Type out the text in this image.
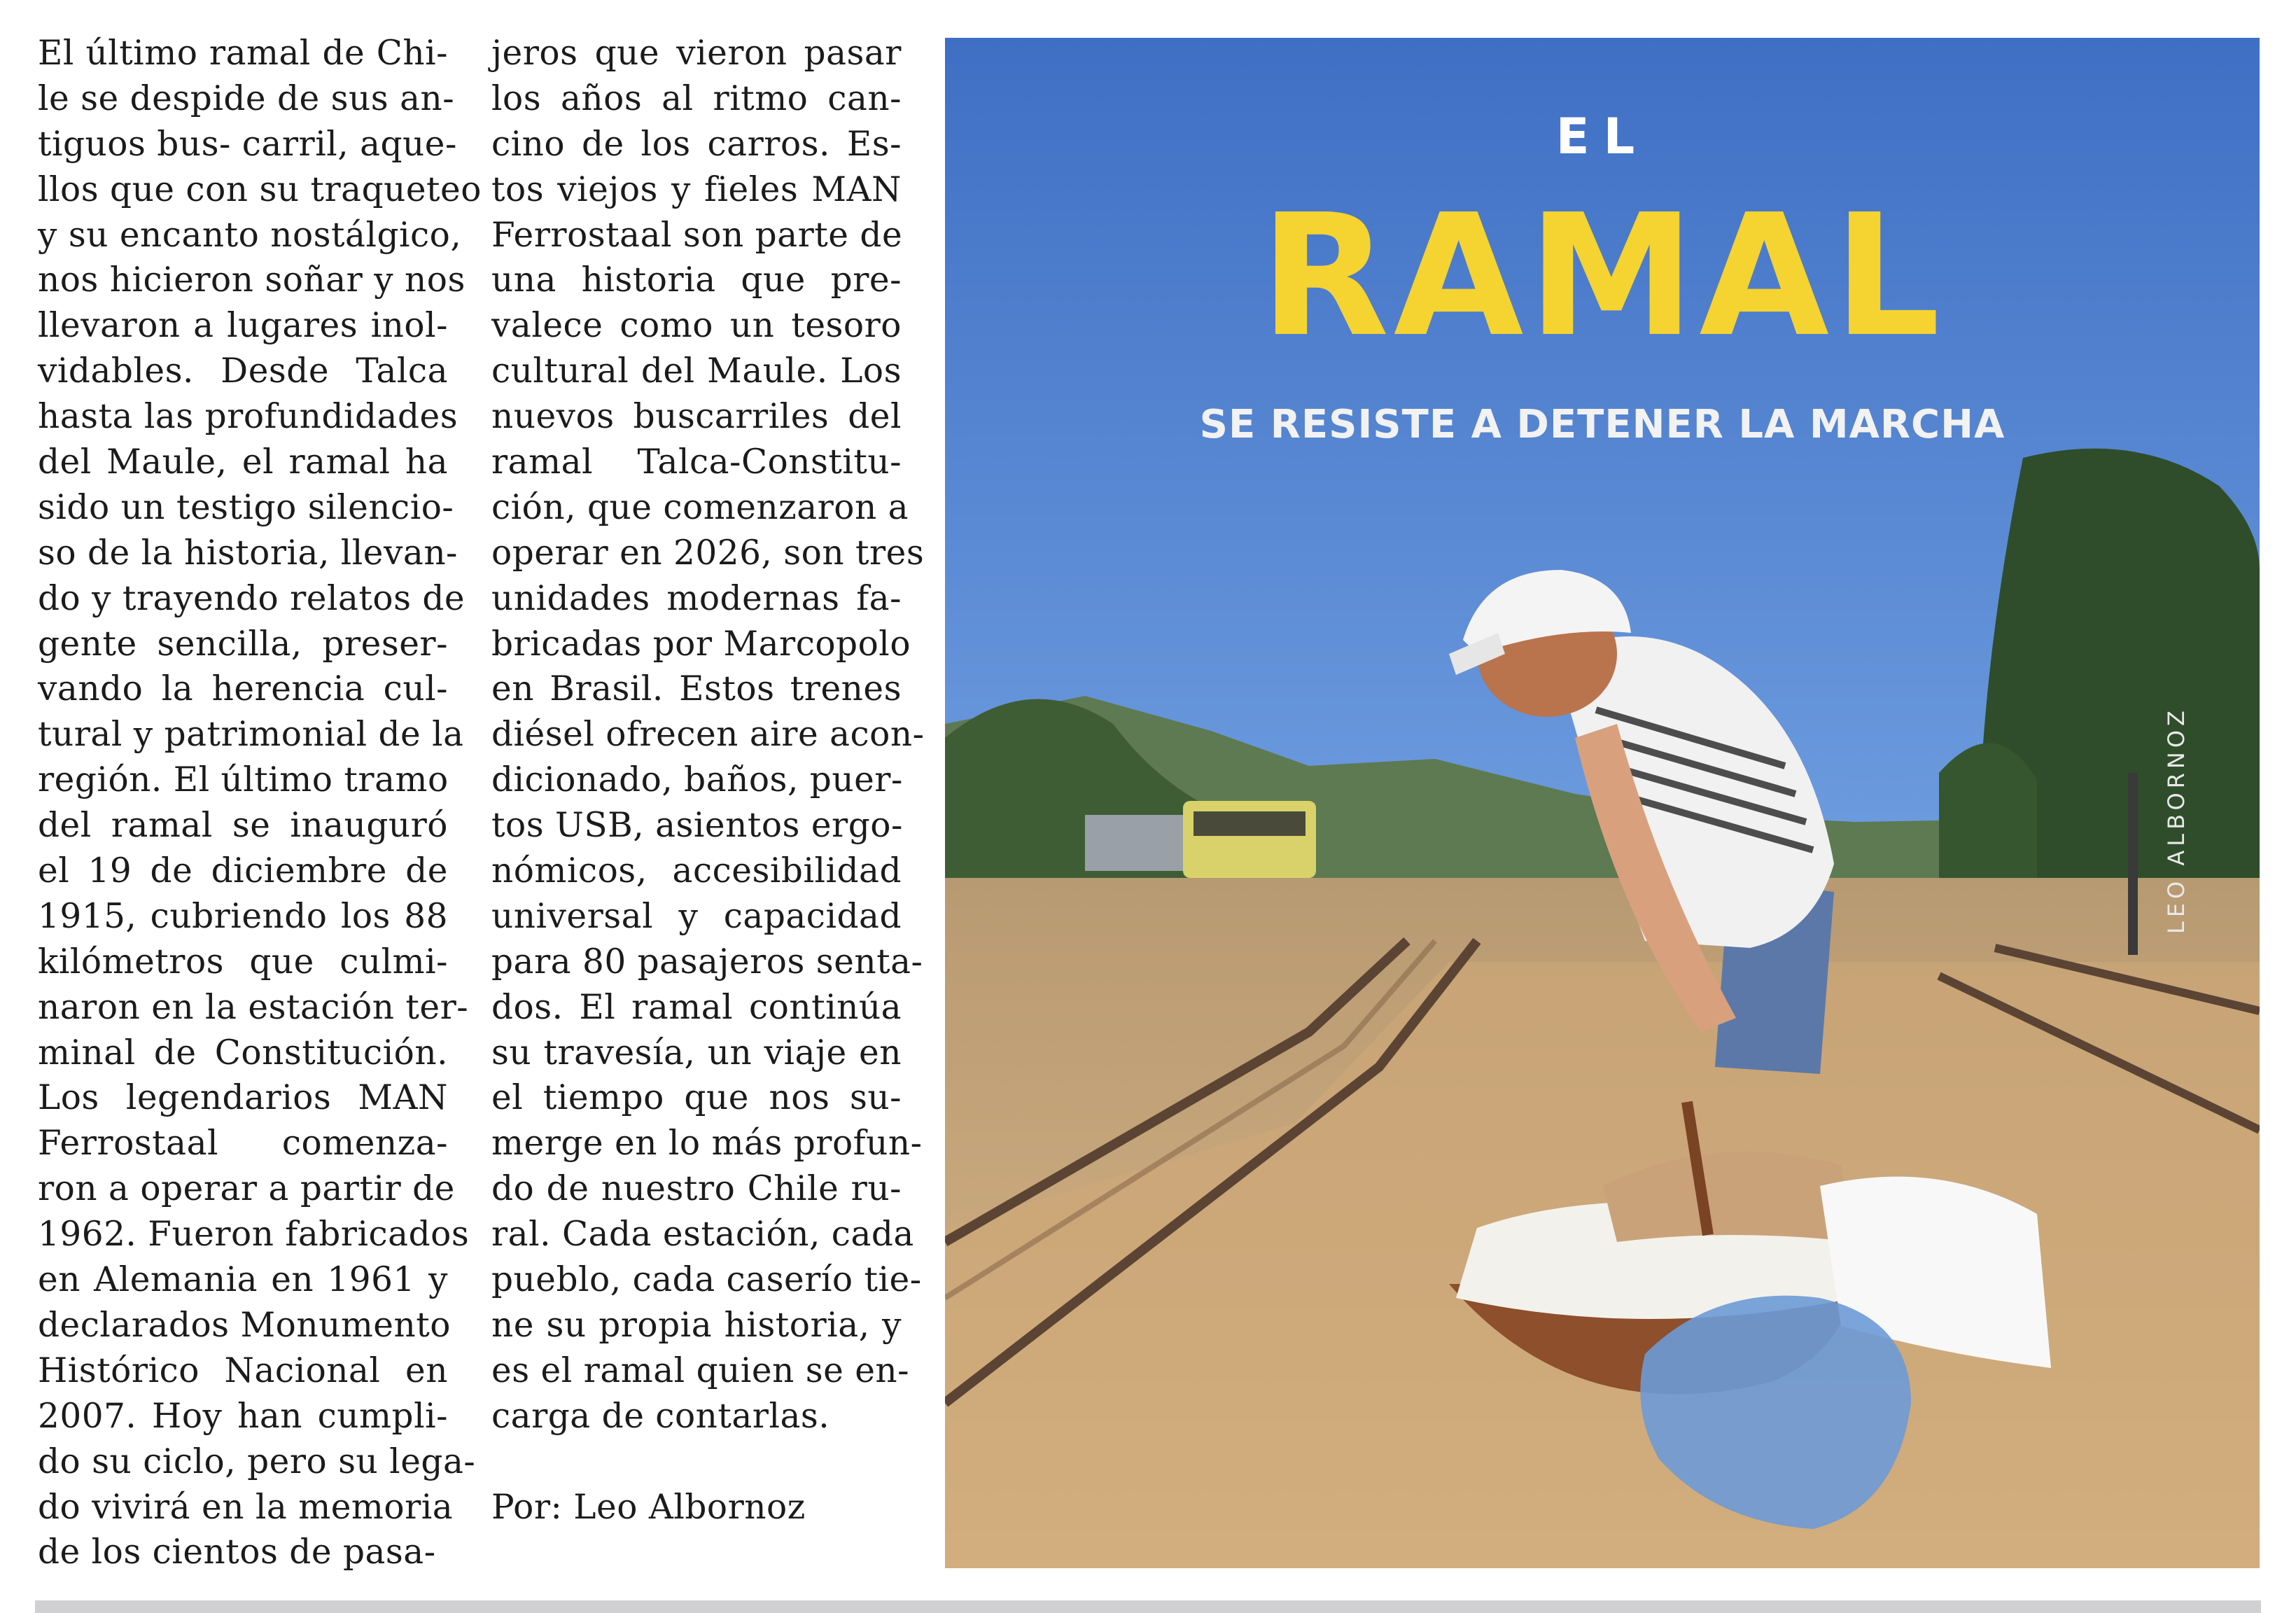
El último ramal de Chi-
le se despide de sus an-
tiguos bus- carril, aque-
llos que con su traqueteo
y su encanto nostálgico,
nos hicieron soñar y nos
llevaron a lugares inol-
vidables. Desde Talca
hasta las profundidades
del Maule, el ramal ha
sido un testigo silencio-
so de la historia, llevan-
do y trayendo relatos de
gente sencilla, preser-
vando la herencia cul-
tural y patrimonial de la
región. El último tramo
del ramal se inauguró
el 19 de diciembre de
1915, cubriendo los 88
kilómetros que culmi-
naron en la estación ter-
minal de Constitución.
Los legendarios MAN
Ferrostaal comenza-
ron a operar a partir de
1962. Fueron fabricados
en Alemania en 1961 y
declarados Monumento
Histórico Nacional en
2007. Hoy han cumpli-
do su ciclo, pero su lega-
do vivirá en la memoria
de los cientos de pasa-
jeros que vieron pasar
los años al ritmo can-
cino de los carros. Es-
tos viejos y fieles MAN
Ferrostaal son parte de
una historia que pre-
valece como un tesoro
cultural del Maule. Los
nuevos buscarriles del
ramal Talca-Constitu-
ción, que comenzaron a
operar en 2026, son tres
unidades modernas fa-
bricadas por Marcopolo
en Brasil. Estos trenes
diésel ofrecen aire acon-
dicionado, baños, puer-
tos USB, asientos ergo-
nómicos, accesibilidad
universal y capacidad
para 80 pasajeros senta-
dos. El ramal continúa
su travesía, un viaje en
el tiempo que nos su-
merge en lo más profun-
do de nuestro Chile ru-
ral. Cada estación, cada
pueblo, cada caserío tie-
ne su propia historia, y
es el ramal quien se en-
carga de contarlas.
Por: Leo Albornoz
EL
RAMAL
SE RESISTE A DETENER LA MARCHA
LEO ALBORNOZ
